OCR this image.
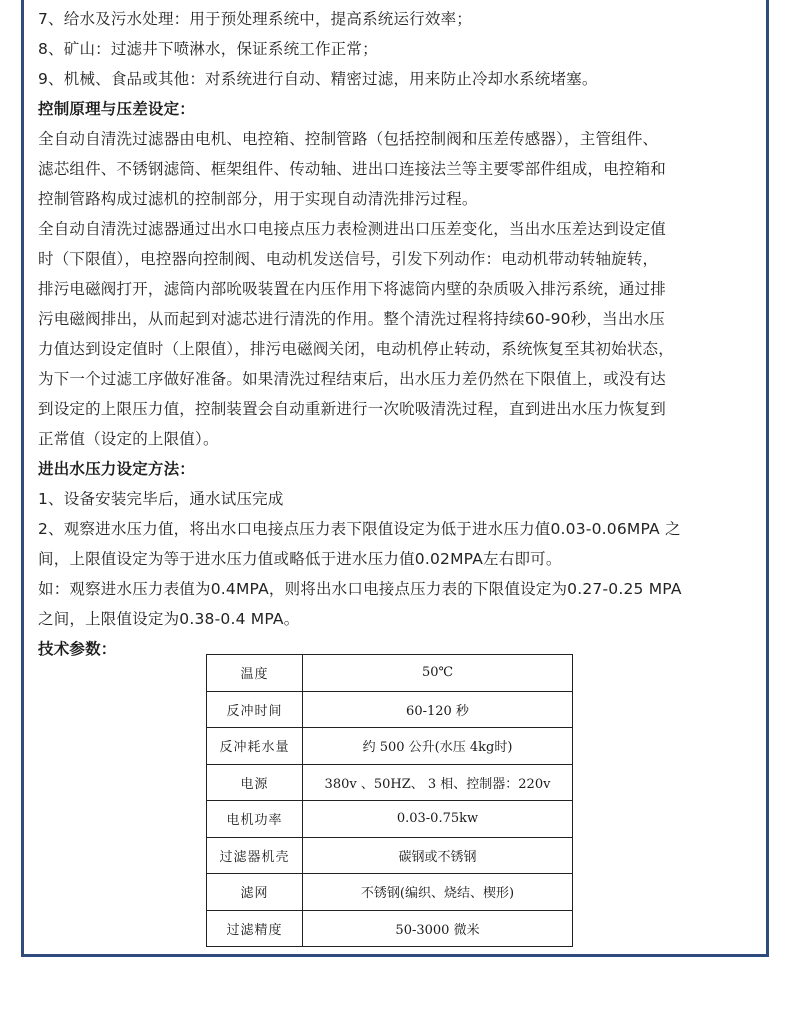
7、给水及污水处理：用于预处理系统中，提高系统运行效率；
8、矿山：过滤井下喷淋水，保证系统工作正常；
9、机械、食品或其他：对系统进行自动、精密过滤，用来防止冷却水系统堵塞。
控制原理与压差设定：
全自动自清洗过滤器由电机、电控箱、控制管路（包括控制阀和压差传感器），主管组件、
滤芯组件、不锈钢滤筒、框架组件、传动轴、进出口连接法兰等主要零部件组成，电控箱和
控制管路构成过滤机的控制部分，用于实现自动清洗排污过程。
全自动自清洗过滤器通过出水口电接点压力表检测进出口压差变化，当出水压差达到设定值
时（下限值），电控器向控制阀、电动机发送信号，引发下列动作：电动机带动转轴旋转，
排污电磁阀打开，滤筒内部吮吸装置在内压作用下将滤筒内壁的杂质吸入排污系统，通过排
污电磁阀排出，从而起到对滤芯进行清洗的作用。整个清洗过程将持续60-90秒，当出水压
力值达到设定值时（上限值），排污电磁阀关闭，电动机停止转动，系统恢复至其初始状态，
为下一个过滤工序做好准备。如果清洗过程结束后，出水压力差仍然在下限值上，或没有达
到设定的上限压力值，控制装置会自动重新进行一次吮吸清洗过程，直到进出水压力恢复到
正常值（设定的上限值）。
进出水压力设定方法：
1、设备安装完毕后，通水试压完成
2、观察进水压力值，将出水口电接点压力表下限值设定为低于进水压力值0.03-0.06MPA 之
间，上限值设定为等于进水压力值或略低于进水压力值0.02MPA左右即可。
如：观察进水压力表值为0.4MPA，则将出水口电接点压力表的下限值设定为0.27-0.25 MPA
之间，上限值设定为0.38-0.4 MPA。
技术参数：
温度	50℃
反冲时间	60-120 秒
反冲耗水量	约 500 公升(水压 4kg时)
电源	380v 、50HZ、 3 相、控制器：220v
电机功率	0.03-0.75kw
过滤器机壳	碳钢或不锈钢
滤网	不锈钢(编织、烧结、楔形)
过滤精度	50-3000 微米
